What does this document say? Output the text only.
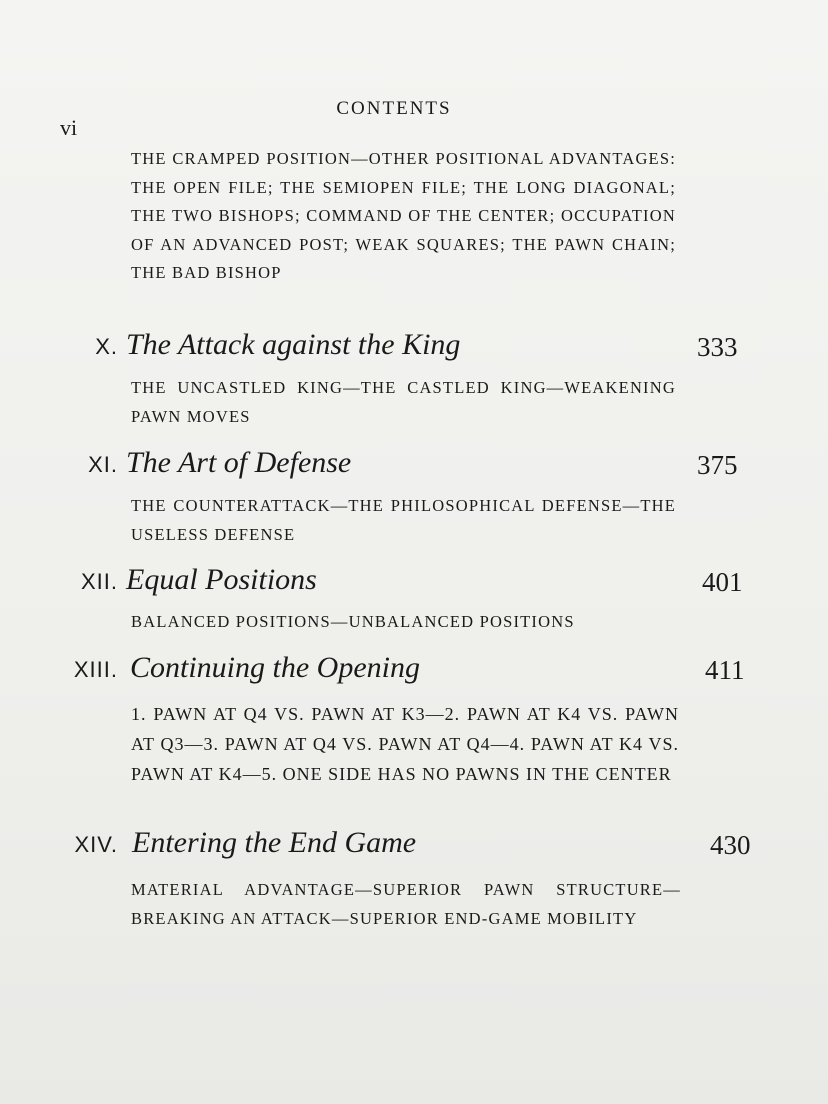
CONTENTS
vi
THE CRAMPED POSITION—OTHER POSITIONAL ADVANTAGES: THE OPEN FILE; THE SEMIOPEN FILE; THE LONG DIAGONAL; THE TWO BISHOPS; COMMAND OF THE CENTER; OCCUPATION OF AN ADVANCED POST; WEAK SQUARES; THE PAWN CHAIN; THE BAD BISHOP
X. The Attack against the King	333
THE UNCASTLED KING—THE CASTLED KING—WEAKENING PAWN MOVES
XI. The Art of Defense	375
THE COUNTERATTACK—THE PHILOSOPHICAL DEFENSE—THE USELESS DEFENSE
XII. Equal Positions	401
BALANCED POSITIONS—UNBALANCED POSITIONS
XIII. Continuing the Opening	411
1. PAWN AT Q4 VS. PAWN AT K3—2. PAWN AT K4 VS. PAWN AT Q3—3. PAWN AT Q4 VS. PAWN AT Q4—4. PAWN AT K4 VS. PAWN AT K4—5. ONE SIDE HAS NO PAWNS IN THE CENTER
XIV. Entering the End Game	430
MATERIAL ADVANTAGE—SUPERIOR PAWN STRUCTURE—BREAKING AN ATTACK—SUPERIOR END-GAME MOBILITY
